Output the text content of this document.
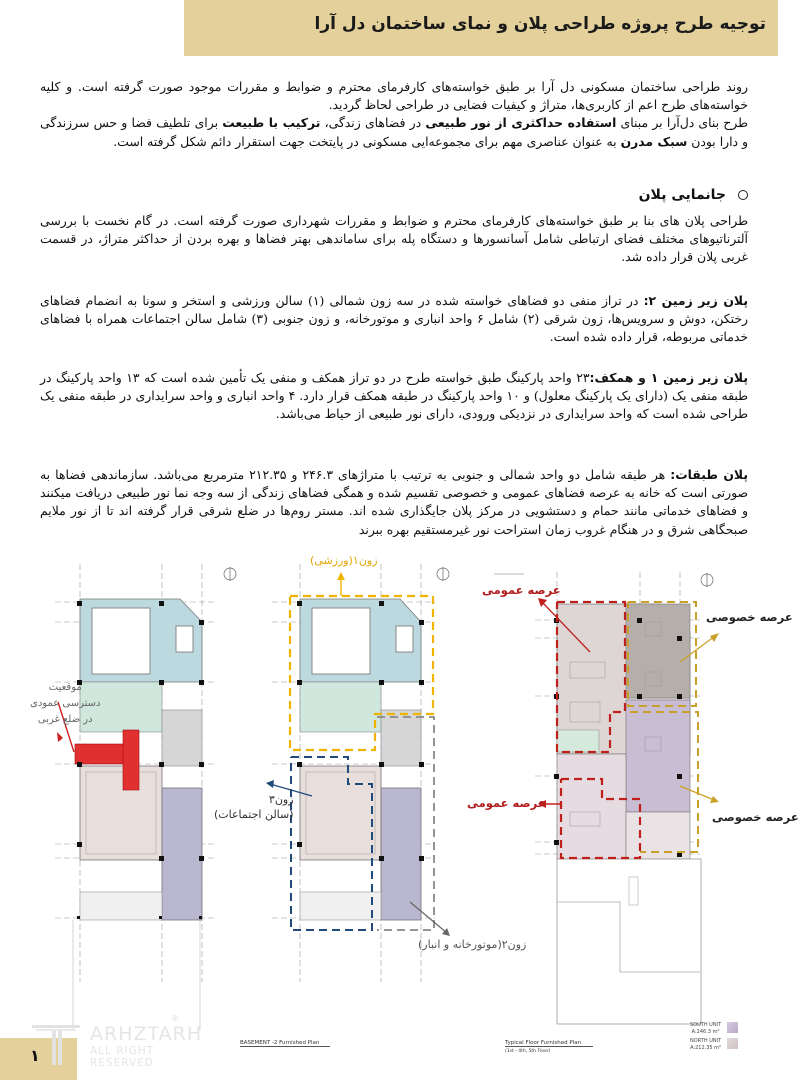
توجیه طرح پروژه طراحی پلان و نمای ساختمان دل آرا
روند طراحی ساختمان مسکونی دل آرا بر طبق خواسته‌های کارفرمای محترم و ضوابط و مقررات موجود صورت گرفته است. و کلیه خواسته‌های طرح اعم از کاربری‌ها، متراژ و کیفیات فضایی در طراحی لحاظ گردید.
طرح بنای دل‌آرا بر مبنای استفاده حداکثری از نور طبیعی در فضاهای زندگی، ترکیب با طبیعت برای تلطیف فضا و حس سرزندگی و دارا بودن سبک مدرن به عنوان عناصری مهم برای مجموعه‌ایی مسکونی در پایتخت جهت استقرار دائم شکل گرفته است.
جانمایی پلان
طراحی پلان های بنا بر طبق خواسته‌های کارفرمای محترم و ضوابط و مقررات شهرداری صورت گرفته است. در گام نخست با بررسی آلترناتیوهای مختلف فضای ارتباطی شامل آسانسورها و دستگاه پله برای ساماندهی بهتر فضاها و بهره بردن از حداکثر متراژ، در قسمت غربی پلان قرار داده شد.
پلان زیر زمین ۲: در تراز منفی دو فضاهای خواسته شده در سه زون شمالی (۱) سالن ورزشی و استخر و سونا به انضمام فضاهای رختکن، دوش و سرویس‌ها، زون شرقی (۲) شامل ۶ واحد انباری و موتورخانه، و زون جنوبی (۳) شامل سالن اجتماعات همراه با فضاهای خدماتی مربوطه، قرار داده شده است.
پلان زیر زمین ۱ و همکف:۲۳ واحد پارکینگ طبق خواسته طرح در دو تراز همکف و منفی یک تأمین شده است که ۱۳ واحد پارکینگ در طبقه منفی یک (دارای یک پارکینگ معلول) و ۱۰ واحد پارکینگ در طبقه همکف قرار دارد. ۴ واحد انباری و واحد سرایداری در طبقه منفی یک طراحی شده است که واحد سرایداری در نزدیکی ورودی، دارای نور طبیعی از حیاط می‌باشد.
پلان طبقات: هر طبقه شامل دو واحد شمالی و جنوبی به ترتیب با متراژهای ۲۴۶.۳ و ۲۱۲.۳۵ مترمربع می‌باشد. سازماندهی فضاها به صورتی است که خانه به عرصه فضاهای عمومی و خصوصی تقسیم شده و همگی فضاهای زندگی از سه وجه نما نور طبیعی دریافت میکنند و فضاهای خدماتی مانند حمام و دستشویی در مرکز پلان جایگذاری شده اند. مستر روم‌ها در ضلع شرقی قرار گرفته اند تا از نور ملایم صبحگاهی شرق و در هنگام غروب زمان استراحت نور غیرمستقیم بهره ببرند
موقعیت
دسترسی عمودی
در ضلع غربی
زون۱(ورزشی)
زون۳
(سالن اجتماعات)
زون۲(موتورخانه و انبار)
عرصه عمومی
عرصه عمومی
عرصه خصوصی
عرصه خصوصی
BASEMENT -2 Furnished Plan	Typical Floor Furnished Plan
(1st - 4th, 5th Floor)
SOUTH UNIT
A:246.3 m²
NORTH UNIT
A:212.35 m²
۱
ARHZTARH
ALL RIGHT RESERVED
®
